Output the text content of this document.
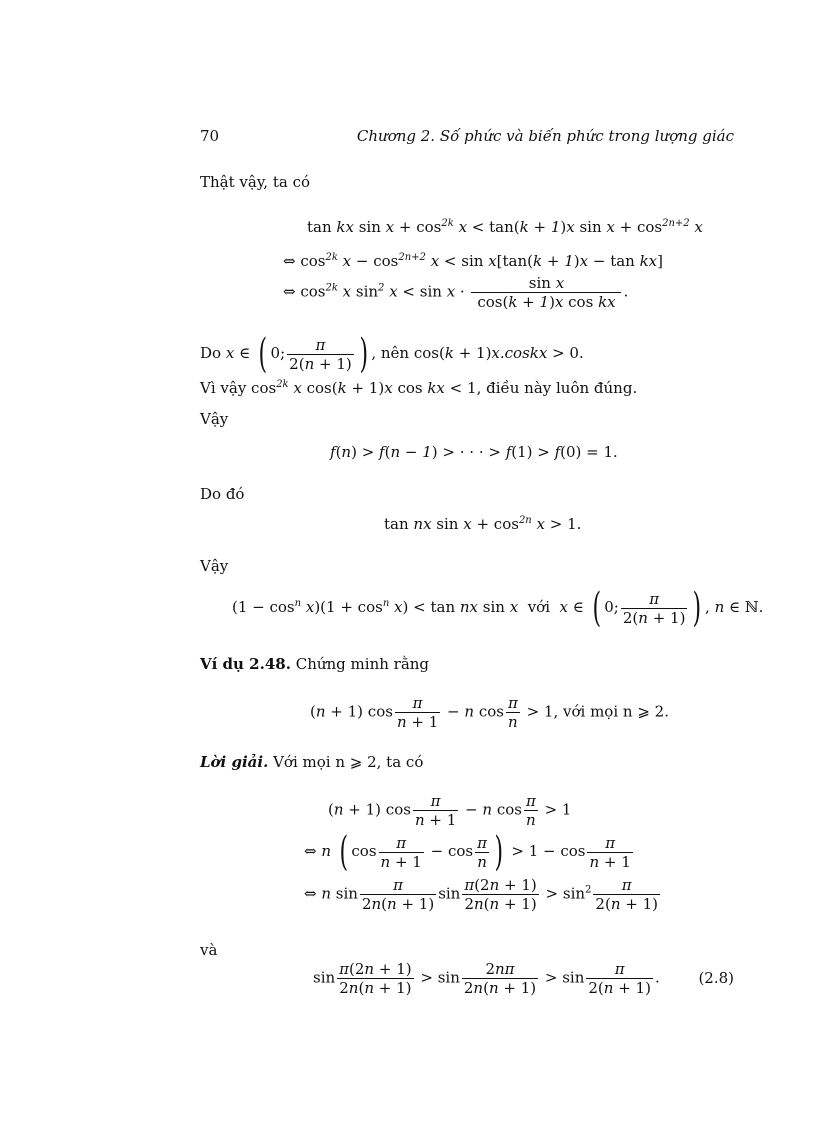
70	Chương 2. Số phức và biến phức trong lượng giác
Thật vậy, ta có
tan kx $\sin x + \cos^{2k} x < \tan(k + 1)x$ $\sin x + \cos^{2n+2} x$
⇔ $\cos^{2k} x - \cos^{2n+2} x < \sin x[\tan(k + 1)x - \tan kx]$
⇔ $\cos^{2k} x$ $\sin^2 x < \sin x \cdot \frac{\text{sin x}}{\text{cos(k + 1)x cos kx}}$ .
Do x ∈ ( 0; $\frac{\pi}{2(n + 1)}$ ) , nên cos(k + 1)x.coskx > 0.
Vì vậy $\cos^{2k} x$ cos(k + 1)x cos kx < 1, điều này luôn đúng.
Vậy
f(n) > f(n − 1) > · · · > f(1) > f(0) = 1.
Do đó
tan nx $\sin x + \cos^{2n} x > 1$.
Vậy
$(1 - \cos^n x)(1 + \cos^n x) < \tan$ nx sin x  với  x ∈ ( 0; $\frac{\pi}{2(n + 1)}$ ) , n ∈ ℕ.
Ví dụ 2.48. Chứng minh rằng
(n + 1) $\cos \frac{\pi}{n + 1} - n$ $\cos \frac{\pi}{n} > 1$, với mọi n ⩾ 2.
Lời giải. Với mọi n ⩾ 2, ta có
(n + 1) $\cos \frac{\pi}{n + 1} - n$ $\cos \frac{\pi}{n} > 1$
⇔ n ( $\cos \frac{\pi}{n + 1} - \cos \frac{\pi}{n}$ ) > $1 - \cos \frac{\pi}{n + 1}$
⇔ n $\sin \frac{\pi}{2n(n + 1)}$ $\sin \frac{\pi(2n + 1)}{2n(n + 1)} > \sin^2 \frac{\pi}{2(n + 1)}$
và
$\sin \frac{\pi(2n + 1)}{2n(n + 1)} > \sin \frac{2n\pi}{2n(n + 1)} > \sin \frac{\pi}{2(n + 1)}$ .	(2.8)
